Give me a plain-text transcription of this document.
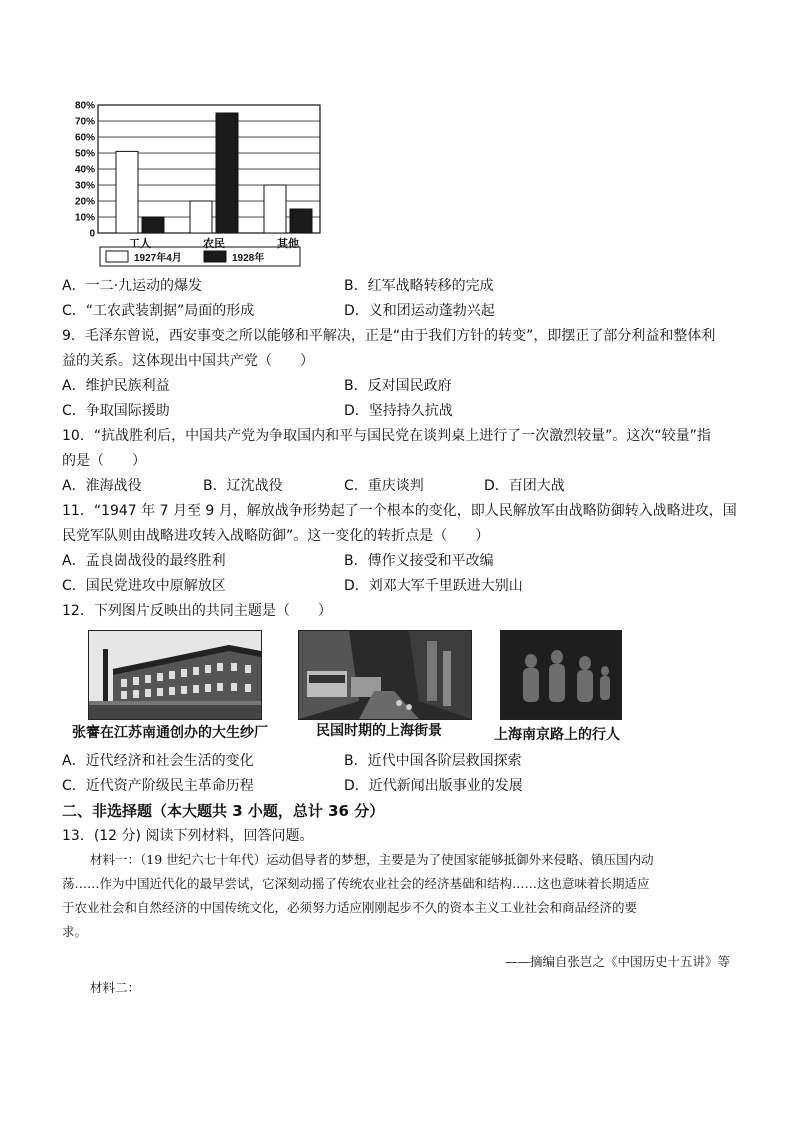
80%
70%
60%
50%
40%
30%
20%
10%
0
工人	农民	其他
1927年4月	1928年
A．一二·九运动的爆发	B．红军战略转移的完成
C．“工农武装割据”局面的形成	D．义和团运动蓬勃兴起
9．毛泽东曾说，西安事变之所以能够和平解决，正是“由于我们方针的转变”，即摆正了部分利益和整体利
益的关系。这体现出中国共产党（　　）
A．维护民族利益	B．反对国民政府
C．争取国际援助	D．坚持持久抗战
10．“抗战胜利后，中国共产党为争取国内和平与国民党在谈判桌上进行了一次激烈较量”。这次“较量”指
的是（　　）
A．淮海战役	B．辽沈战役	C．重庆谈判	D．百团大战
11．“1947 年 7 月至 9 月，解放战争形势起了一个根本的变化，即人民解放军由战略防御转入战略进攻，国
民党军队则由战略进攻转入战略防御”。这一变化的转折点是（　　）
A．孟良崮战役的最终胜利	B．傅作义接受和平改编
C．国民党进攻中原解放区	D．刘邓大军千里跃进大别山
12．下列图片反映出的共同主题是（　　）
张謇在江苏南通创办的大生纱厂	民国时期的上海街景	上海南京路上的行人
A．近代经济和社会生活的变化	B．近代中国各阶层救国探索
C．近代资产阶级民主革命历程	D．近代新闻出版事业的发展
二、非选择题（本大题共 3 小题，总计 36 分）
13．(12 分) 阅读下列材料，回答问题。
材料一：（19 世纪六七十年代）运动倡导者的梦想，主要是为了使国家能够抵御外来侵略、镇压国内动
荡……作为中国近代化的最早尝试，它深刻动摇了传统农业社会的经济基础和结构……这也意味着长期适应
于农业社会和自然经济的中国传统文化，必须努力适应刚刚起步不久的资本主义工业社会和商品经济的要
求。
——摘编自张岂之《中国历史十五讲》等
材料二：
